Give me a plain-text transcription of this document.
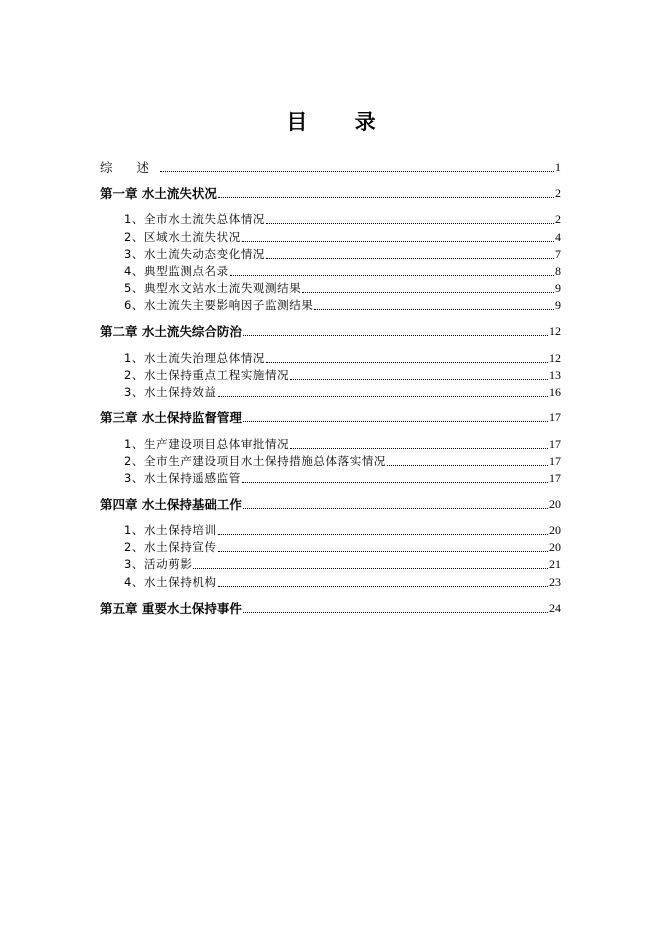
目 录
综 述	1
第一章 水土流失状况	2
1、全市水土流失总体情况	2
2、区域水土流失状况	4
3、水土流失动态变化情况	7
4、典型监测点名录	8
5、典型水文站水土流失观测结果	9
6、水土流失主要影响因子监测结果	9
第二章 水土流失综合防治	12
1、水土流失治理总体情况	12
2、水土保持重点工程实施情况	13
3、水土保持效益	16
第三章 水土保持监督管理	17
1、生产建设项目总体审批情况	17
2、全市生产建设项目水土保持措施总体落实情况	17
3、水土保持遥感监管	17
第四章 水土保持基础工作	20
1、水土保持培训	20
2、水土保持宣传	20
3、活动剪影	21
4、水土保持机构	23
第五章 重要水土保持事件	24
